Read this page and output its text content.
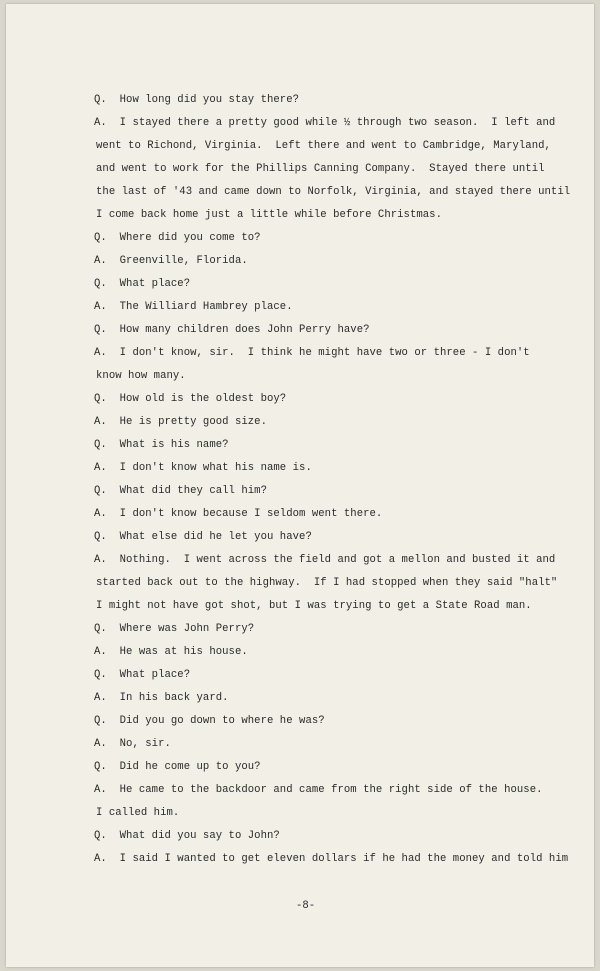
Q.  How long did you stay there?
A.  I stayed there a pretty good while ½ through two season.  I left and
went to Richond, Virginia.  Left there and went to Cambridge, Maryland,
and went to work for the Phillips Canning Company.  Stayed there until
the last of '43 and came down to Norfolk, Virginia, and stayed there until
I come back home just a little while before Christmas.
Q.  Where did you come to?
A.  Greenville, Florida.
Q.  What place?
A.  The Williard Hambrey place.
Q.  How many children does John Perry have?
A.  I don't know, sir.  I think he might have two or three - I don't
know how many.
Q.  How old is the oldest boy?
A.  He is pretty good size.
Q.  What is his name?
A.  I don't know what his name is.
Q.  What did they call him?
A.  I don't know because I seldom went there.
Q.  What else did he let you have?
A.  Nothing.  I went across the field and got a mellon and busted it and
started back out to the highway.  If I had stopped when they said "halt"
I might not have got shot, but I was trying to get a State Road man.
Q.  Where was John Perry?
A.  He was at his house.
Q.  What place?
A.  In his back yard.
Q.  Did you go down to where he was?
A.  No, sir.
Q.  Did he come up to you?
A.  He came to the backdoor and came from the right side of the house.
I called him.
Q.  What did you say to John?
A.  I said I wanted to get eleven dollars if he had the money and told him
-8-
